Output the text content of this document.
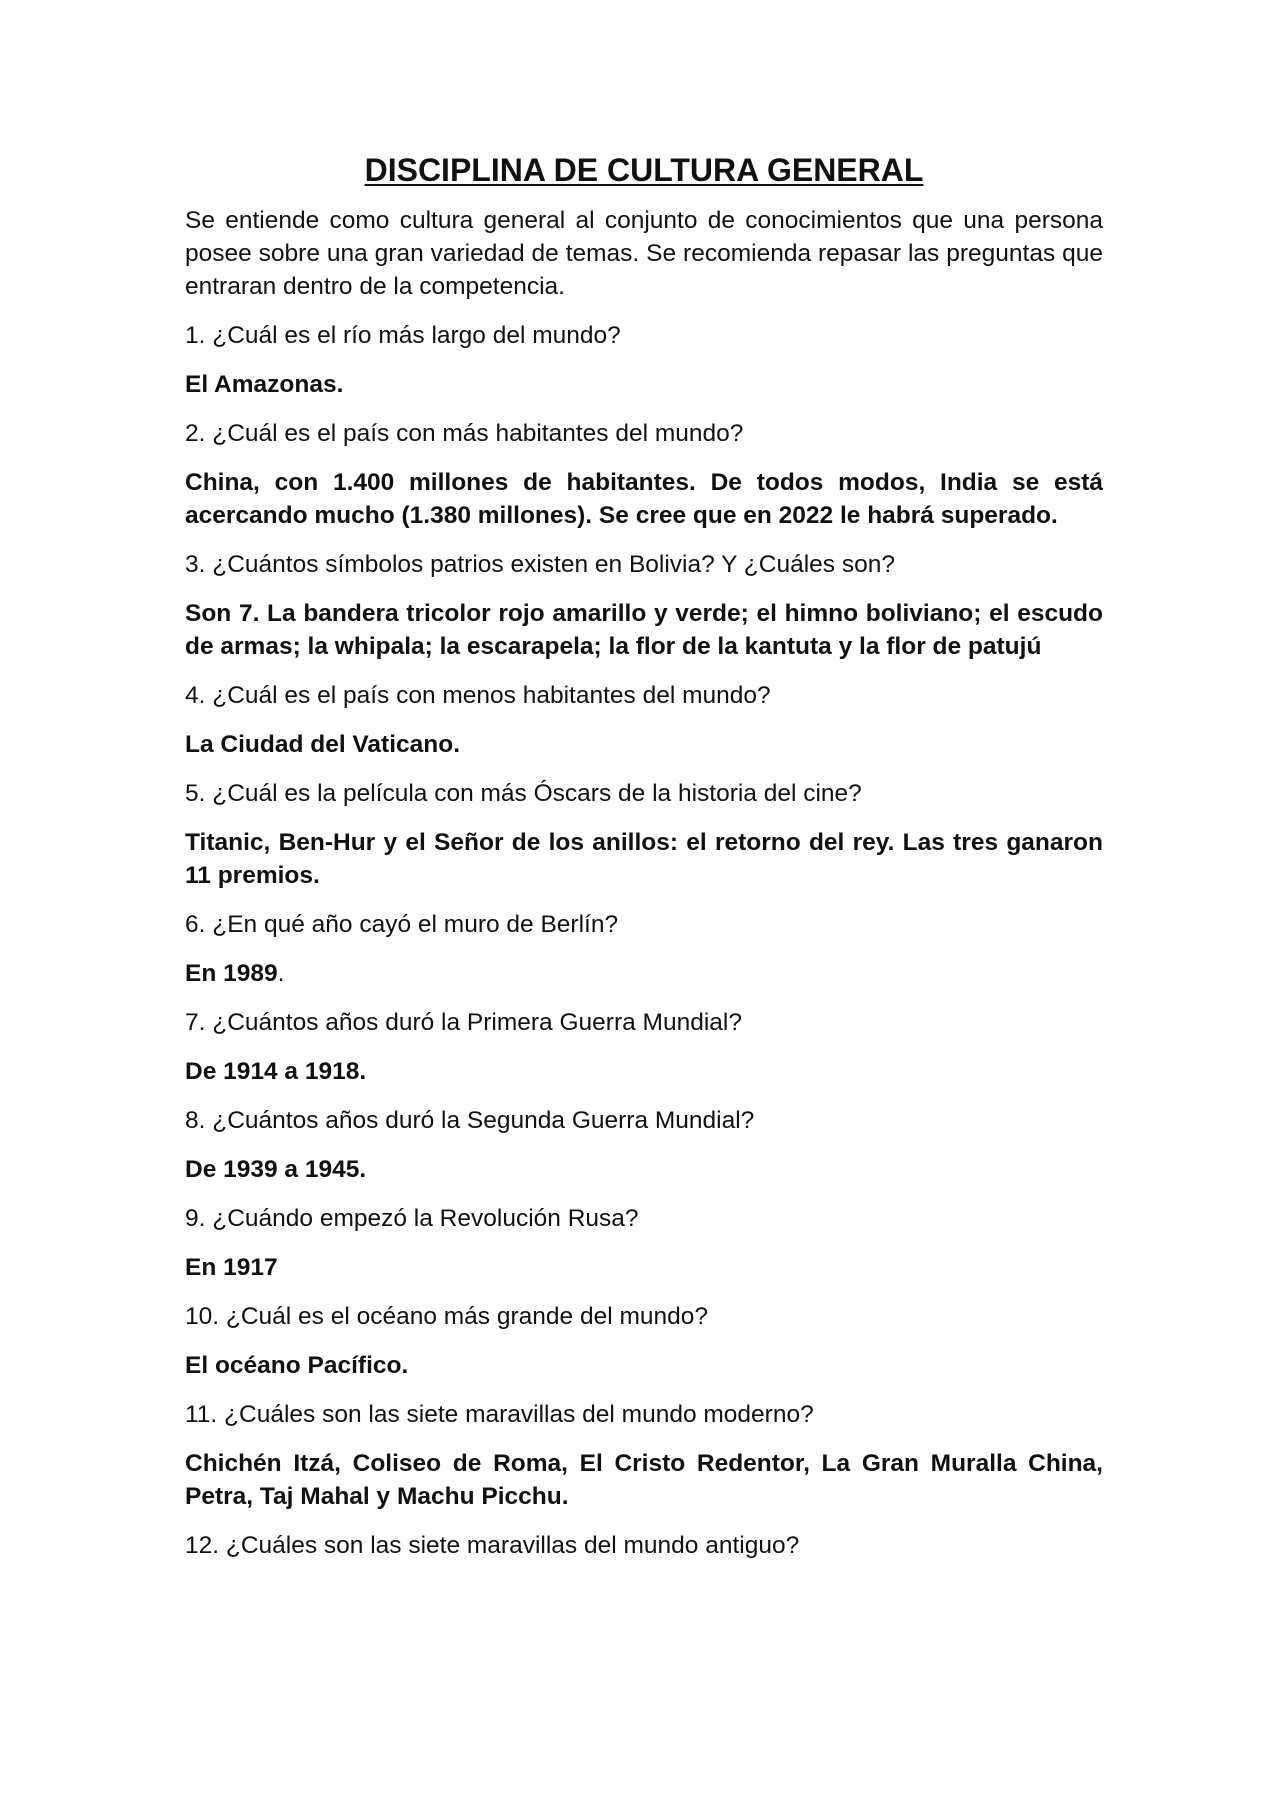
DISCIPLINA DE CULTURA GENERAL

Se entiende como cultura general al conjunto de conocimientos que una persona posee sobre una gran variedad de temas. Se recomienda repasar las preguntas que entraran dentro de la competencia.

1. ¿Cuál es el río más largo del mundo?

El Amazonas.

2. ¿Cuál es el país con más habitantes del mundo?

China, con 1.400 millones de habitantes. De todos modos, India se está acercando mucho (1.380 millones). Se cree que en 2022 le habrá superado.

3. ¿Cuántos símbolos patrios existen en Bolivia? Y ¿Cuáles son?

Son 7. La bandera tricolor rojo amarillo y verde; el himno boliviano; el escudo de armas; la whipala; la escarapela; la flor de la kantuta y la flor de patujú

4. ¿Cuál es el país con menos habitantes del mundo?

La Ciudad del Vaticano.

5. ¿Cuál es la película con más Óscars de la historia del cine?

Titanic, Ben-Hur y el Señor de los anillos: el retorno del rey. Las tres ganaron 11 premios.

6. ¿En qué año cayó el muro de Berlín?

En 1989.

7. ¿Cuántos años duró la Primera Guerra Mundial?

De 1914 a 1918.

8. ¿Cuántos años duró la Segunda Guerra Mundial?

De 1939 a 1945.

9. ¿Cuándo empezó la Revolución Rusa?

En 1917

10. ¿Cuál es el océano más grande del mundo?

El océano Pacífico.

11. ¿Cuáles son las siete maravillas del mundo moderno?

Chichén Itzá, Coliseo de Roma, El Cristo Redentor, La Gran Muralla China, Petra, Taj Mahal y Machu Picchu.

12. ¿Cuáles son las siete maravillas del mundo antiguo?
